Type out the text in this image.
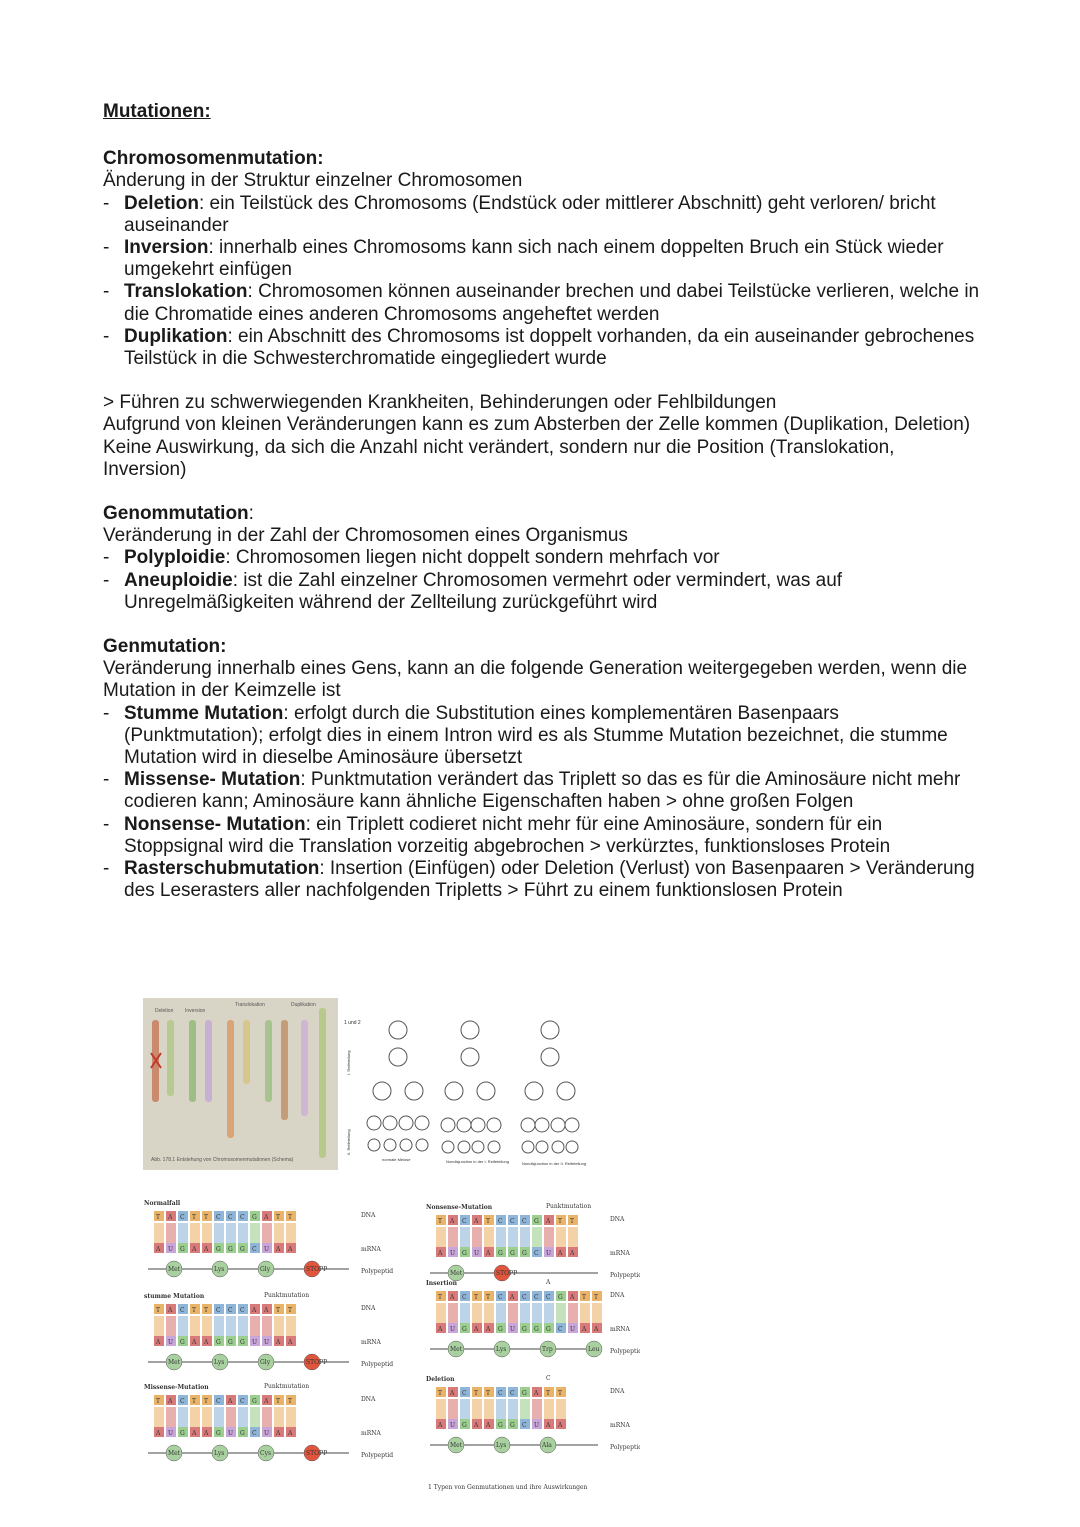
Mutationen:
Chromosomenmutation:
Änderung in der Struktur einzelner Chromosomen
- Deletion: ein Teilstück des Chromosoms (Endstück oder mittlerer Abschnitt) geht verloren/ bricht auseinander
- Inversion: innerhalb eines Chromosoms kann sich nach einem doppelten Bruch ein Stück wieder umgekehrt einfügen
- Translokation: Chromosomen können auseinander brechen und dabei Teilstücke verlieren, welche in die Chromatide eines anderen Chromosoms angeheftet werden
- Duplikation: ein Abschnitt des Chromosoms ist doppelt vorhanden, da ein auseinander gebrochenes Teilstück in die Schwesterchromatide eingegliedert wurde
> Führen zu schwerwiegenden Krankheiten, Behinderungen oder Fehlbildungen
Aufgrund von kleinen Veränderungen kann es zum Absterben der Zelle kommen (Duplikation, Deletion)
Keine Auswirkung, da sich die Anzahl nicht verändert, sondern nur die Position (Translokation, Inversion)
Genommutation:
Veränderung in der Zahl der Chromosomen eines Organismus
- Polyploidie: Chromosomen liegen nicht doppelt sondern mehrfach vor
- Aneuploidie: ist die Zahl einzelner Chromosomen vermehrt oder vermindert, was auf Unregelmäßigkeiten während der Zellteilung zurückgeführt wird
Genmutation:
Veränderung innerhalb eines Gens, kann an die folgende Generation weitergegeben werden, wenn die Mutation in der Keimzelle ist
- Stumme Mutation: erfolgt durch die Substitution eines komplementären Basenpaars (Punktmutation); erfolgt dies in einem Intron wird es als Stumme Mutation bezeichnet, die stumme Mutation wird in dieselbe Aminosäure übersetzt
- Missense- Mutation: Punktmutation verändert das Triplett so das es für die Aminosäure nicht mehr codieren kann; Aminosäure kann ähnliche Eigenschaften haben > ohne großen Folgen
- Nonsense- Mutation: ein Triplett codieret nicht mehr für eine Aminosäure, sondern für ein Stoppsignal wird die Translation vorzeitig abgebrochen > verkürztes, funktionsloses Protein
- Rasterschubmutation: Insertion (Einfügen) oder Deletion (Verlust) von Basenpaaren > Veränderung des Leserasters aller nachfolgenden Tripletts > Führt zu einem funktionslosen Protein
Deletion Inversion
Translokation	Duplikation
Abb. 178.1 Entstehung von Chromosomenmutationen (Schema)
1 und 2
I. Reifeteilung
II. Reifeteilung
normale Meiose	Nondisjunction in der I. Reifeteilung	Nondisjunction in der II. Reifeteilung
1 Typen von Genmutationen und ihre Auswirkungen
Normalfall
T A C T T C C C G A T T
A U G A A G G G C U A A
Met	Lys	Gly	STOPP
DNA
mRNA
Polypeptid
stumme Mutation	Punktmutation
T A C T T C C C A A T T
A U G A A G G G U U A A
Met	Lys	Gly	STOPP
DNA
mRNA
Polypeptid
Missense-Mutation	Punktmutation
T A C T T C A C G A T T
A U G A A G U G C U A A
Met	Lys	Cys	STOPP
DNA
mRNA
Polypeptid
Nonsense-Mutation	Punktmutation
T A C A T C C C G A T T
A U G U A G G G C U A A
Met	STOPP
DNA
mRNA
Polypeptid
Insertion	A
T A C T T C A C C C G A T T
A U G A A G U G G G C U A A
Met	Lys	Trp	Leu
DNA
mRNA
Polypeptid
Deletion	C
T A C T T C C G A T T
A U G A A G G C U A A
Met	Lys	Ala
DNA
mRNA
Polypeptid
